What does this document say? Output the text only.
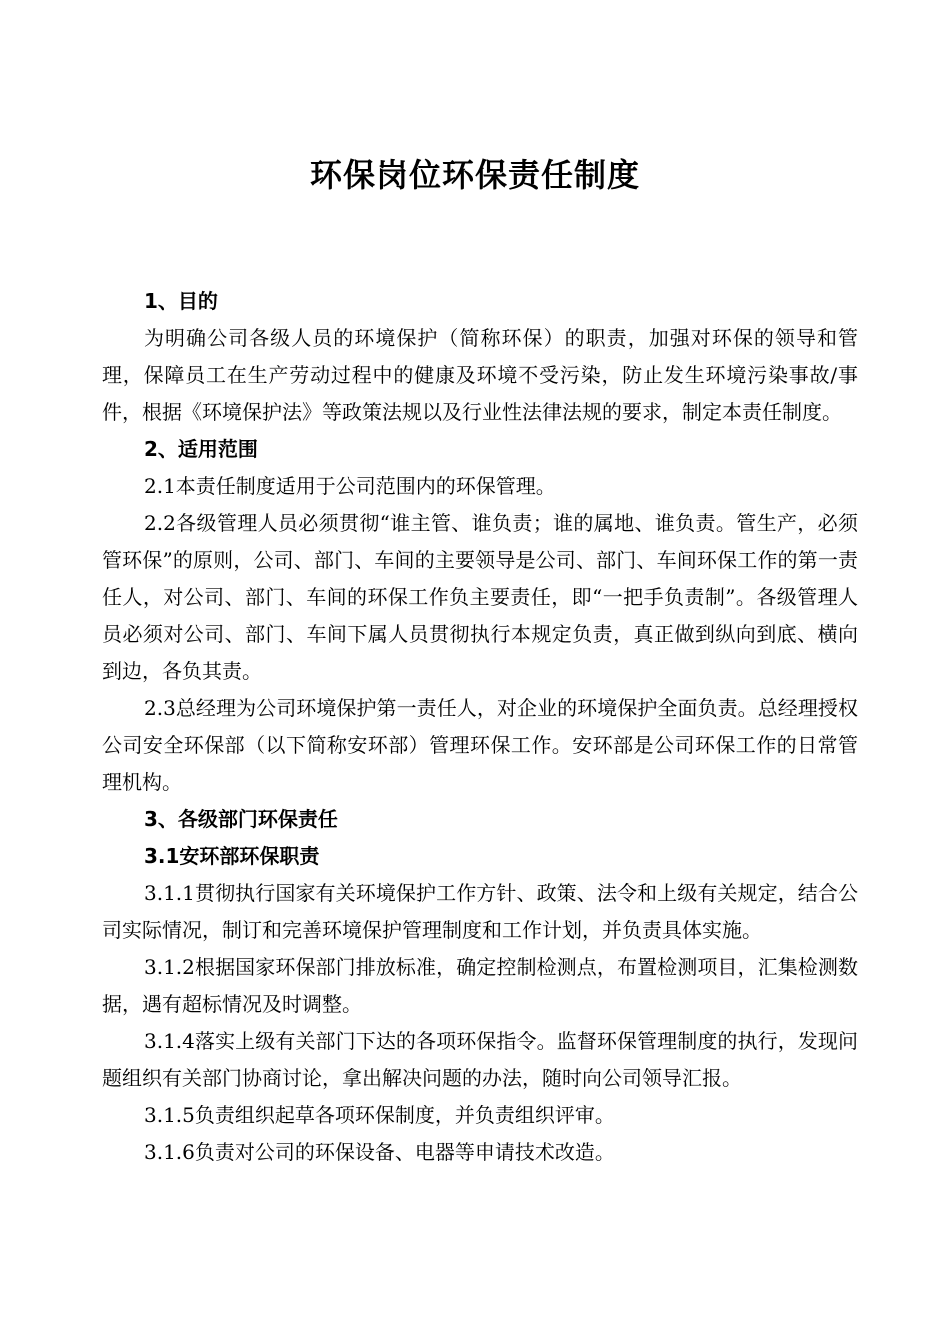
环保岗位环保责任制度

1、目的

为明确公司各级人员的环境保护（简称环保）的职责，加强对环保的领导和管理，保障员工在生产劳动过程中的健康及环境不受污染，防止发生环境污染事故/事件，根据《环境保护法》等政策法规以及行业性法律法规的要求，制定本责任制度。

2、适用范围

2.1本责任制度适用于公司范围内的环保管理。

2.2各级管理人员必须贯彻“谁主管、谁负责；谁的属地、谁负责。管生产，必须管环保”的原则，公司、部门、车间的主要领导是公司、部门、车间环保工作的第一责任人，对公司、部门、车间的环保工作负主要责任，即“一把手负责制”。各级管理人员必须对公司、部门、车间下属人员贯彻执行本规定负责，真正做到纵向到底、横向到边，各负其责。

2.3总经理为公司环境保护第一责任人，对企业的环境保护全面负责。总经理授权公司安全环保部（以下简称安环部）管理环保工作。安环部是公司环保工作的日常管理机构。

3、各级部门环保责任

3.1安环部环保职责

3.1.1贯彻执行国家有关环境保护工作方针、政策、法令和上级有关规定，结合公司实际情况，制订和完善环境保护管理制度和工作计划，并负责具体实施。

3.1.2根据国家环保部门排放标准，确定控制检测点，布置检测项目，汇集检测数据，遇有超标情况及时调整。

3.1.4落实上级有关部门下达的各项环保指令。监督环保管理制度的执行，发现问题组织有关部门协商讨论，拿出解决问题的办法，随时向公司领导汇报。

3.1.5负责组织起草各项环保制度，并负责组织评审。

3.1.6负责对公司的环保设备、电器等申请技术改造。
